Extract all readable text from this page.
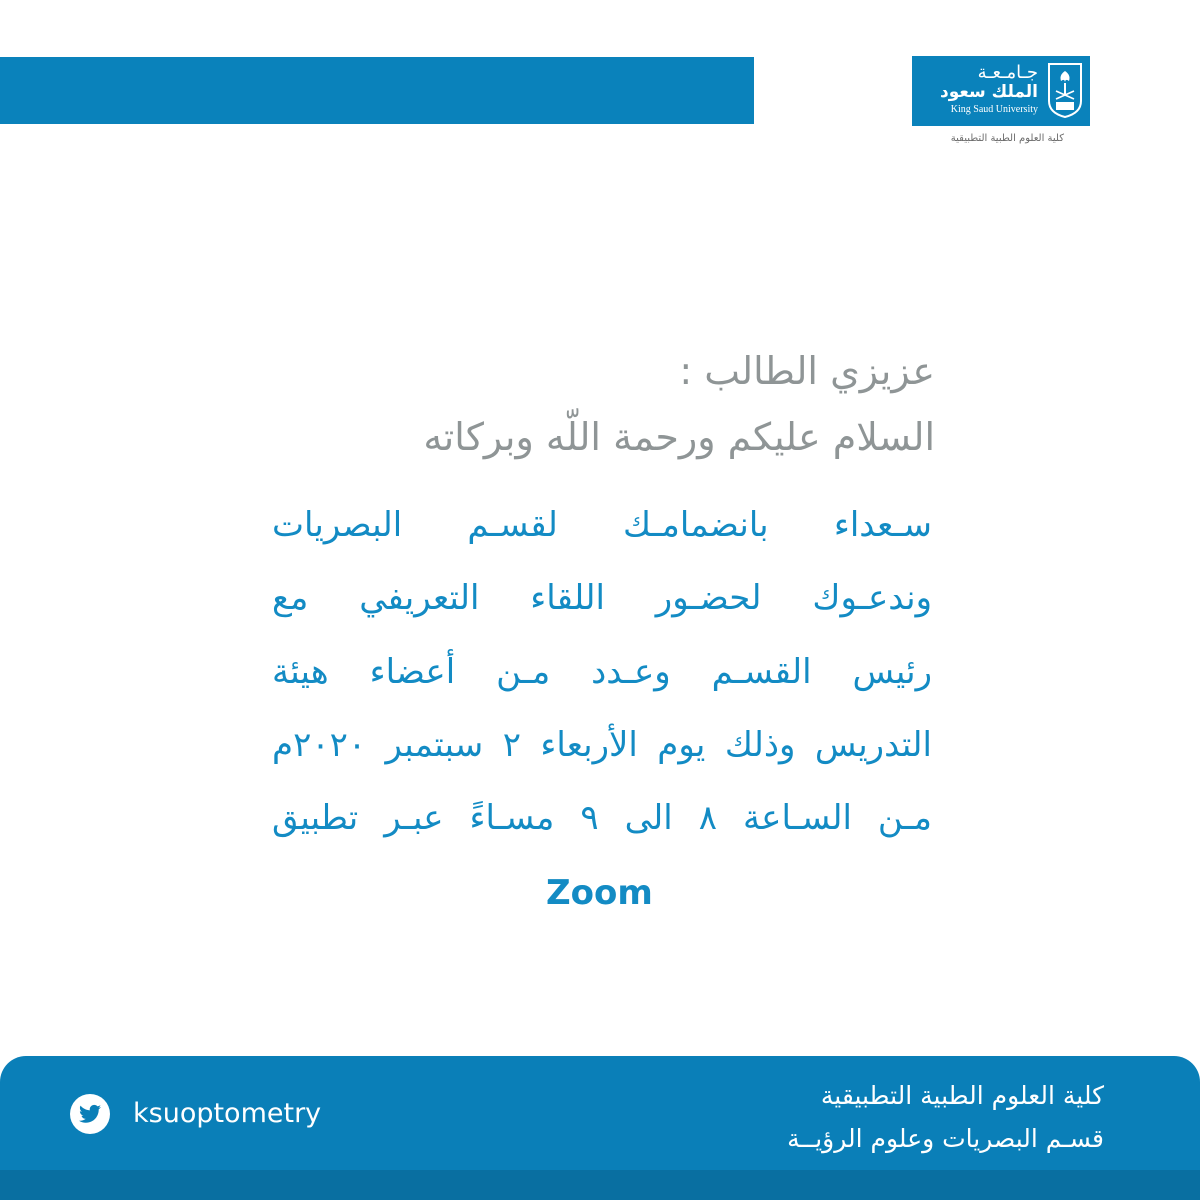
جـامـعـة
الملك سعود
King Saud University
كلية العلوم الطبية التطبيقية
عزيزي الطالب :
السلام عليكم ورحمة اللّه وبركاته
سـعداء بانضمامـك لقسـم البصريات
وندعـوك لحضـور اللقاء التعريفي مع
رئيس القسـم وعـدد مـن أعضاء هيئة
التدريس وذلك يوم الأربعاء ٢ سبتمبر ٢٠٢٠م
مـن السـاعة ٨ الى ٩ مسـاءً عبـر تطبيق
Zoom
ksuoptometry
كلية العلوم الطبية التطبيقية
قسـم البصريات وعلوم الرؤيــة
